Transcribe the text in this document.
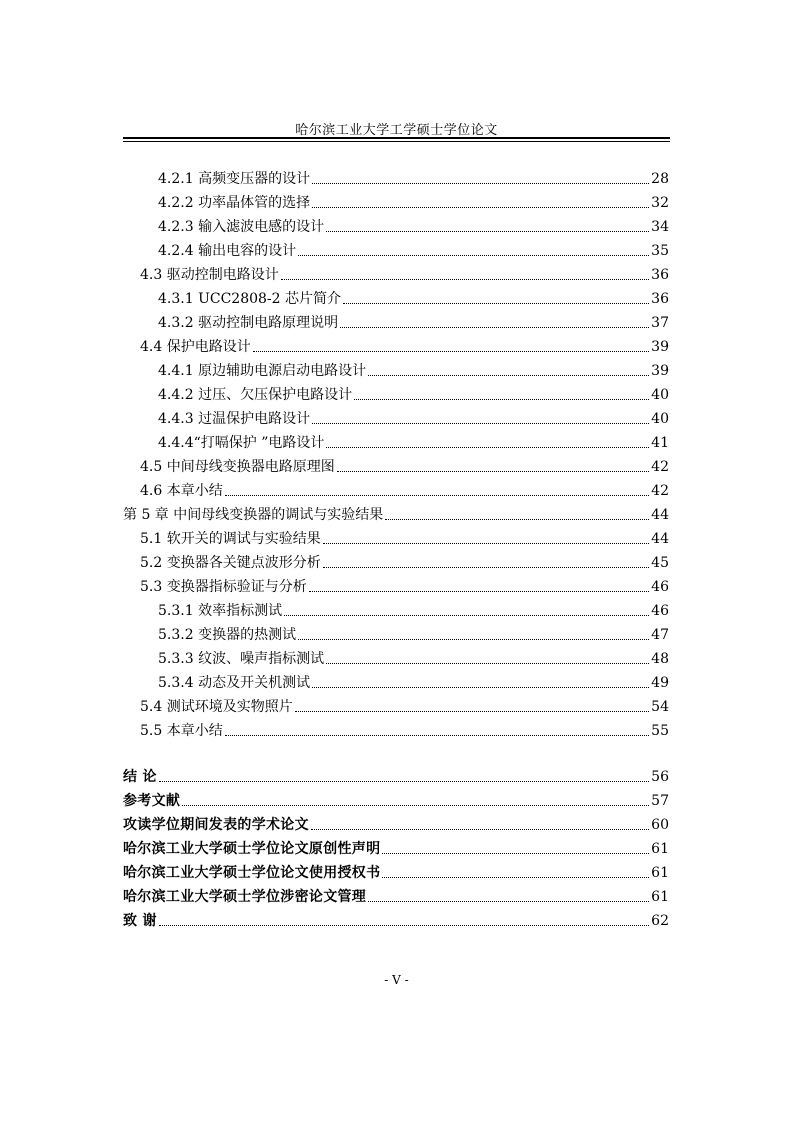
哈尔滨工业大学工学硕士学位论文
4.2.1 高频变压器的设计	28
4.2.2 功率晶体管的选择	32
4.2.3 输入滤波电感的设计	34
4.2.4 输出电容的设计	35
4.3 驱动控制电路设计	36
4.3.1 UCC2808-2 芯片简介	36
4.3.2 驱动控制电路原理说明	37
4.4 保护电路设计	39
4.4.1 原边辅助电源启动电路设计	39
4.4.2 过压、欠压保护电路设计	40
4.4.3 过温保护电路设计	40
4.4.4“打嗝保护 ”电路设计	41
4.5 中间母线变换器电路原理图	42
4.6 本章小结	42
第 5 章 中间母线变换器的调试与实验结果	44
5.1 软开关的调试与实验结果	44
5.2 变换器各关键点波形分析	45
5.3 变换器指标验证与分析	46
5.3.1 效率指标测试	46
5.3.2 变换器的热测试	47
5.3.3 纹波、噪声指标测试	48
5.3.4 动态及开关机测试	49
5.4 测试环境及实物照片	54
5.5 本章小结	55
结 论	56
参考文献	57
攻读学位期间发表的学术论文	60
哈尔滨工业大学硕士学位论文原创性声明	61
哈尔滨工业大学硕士学位论文使用授权书	61
哈尔滨工业大学硕士学位涉密论文管理	61
致 谢	62
- V -
